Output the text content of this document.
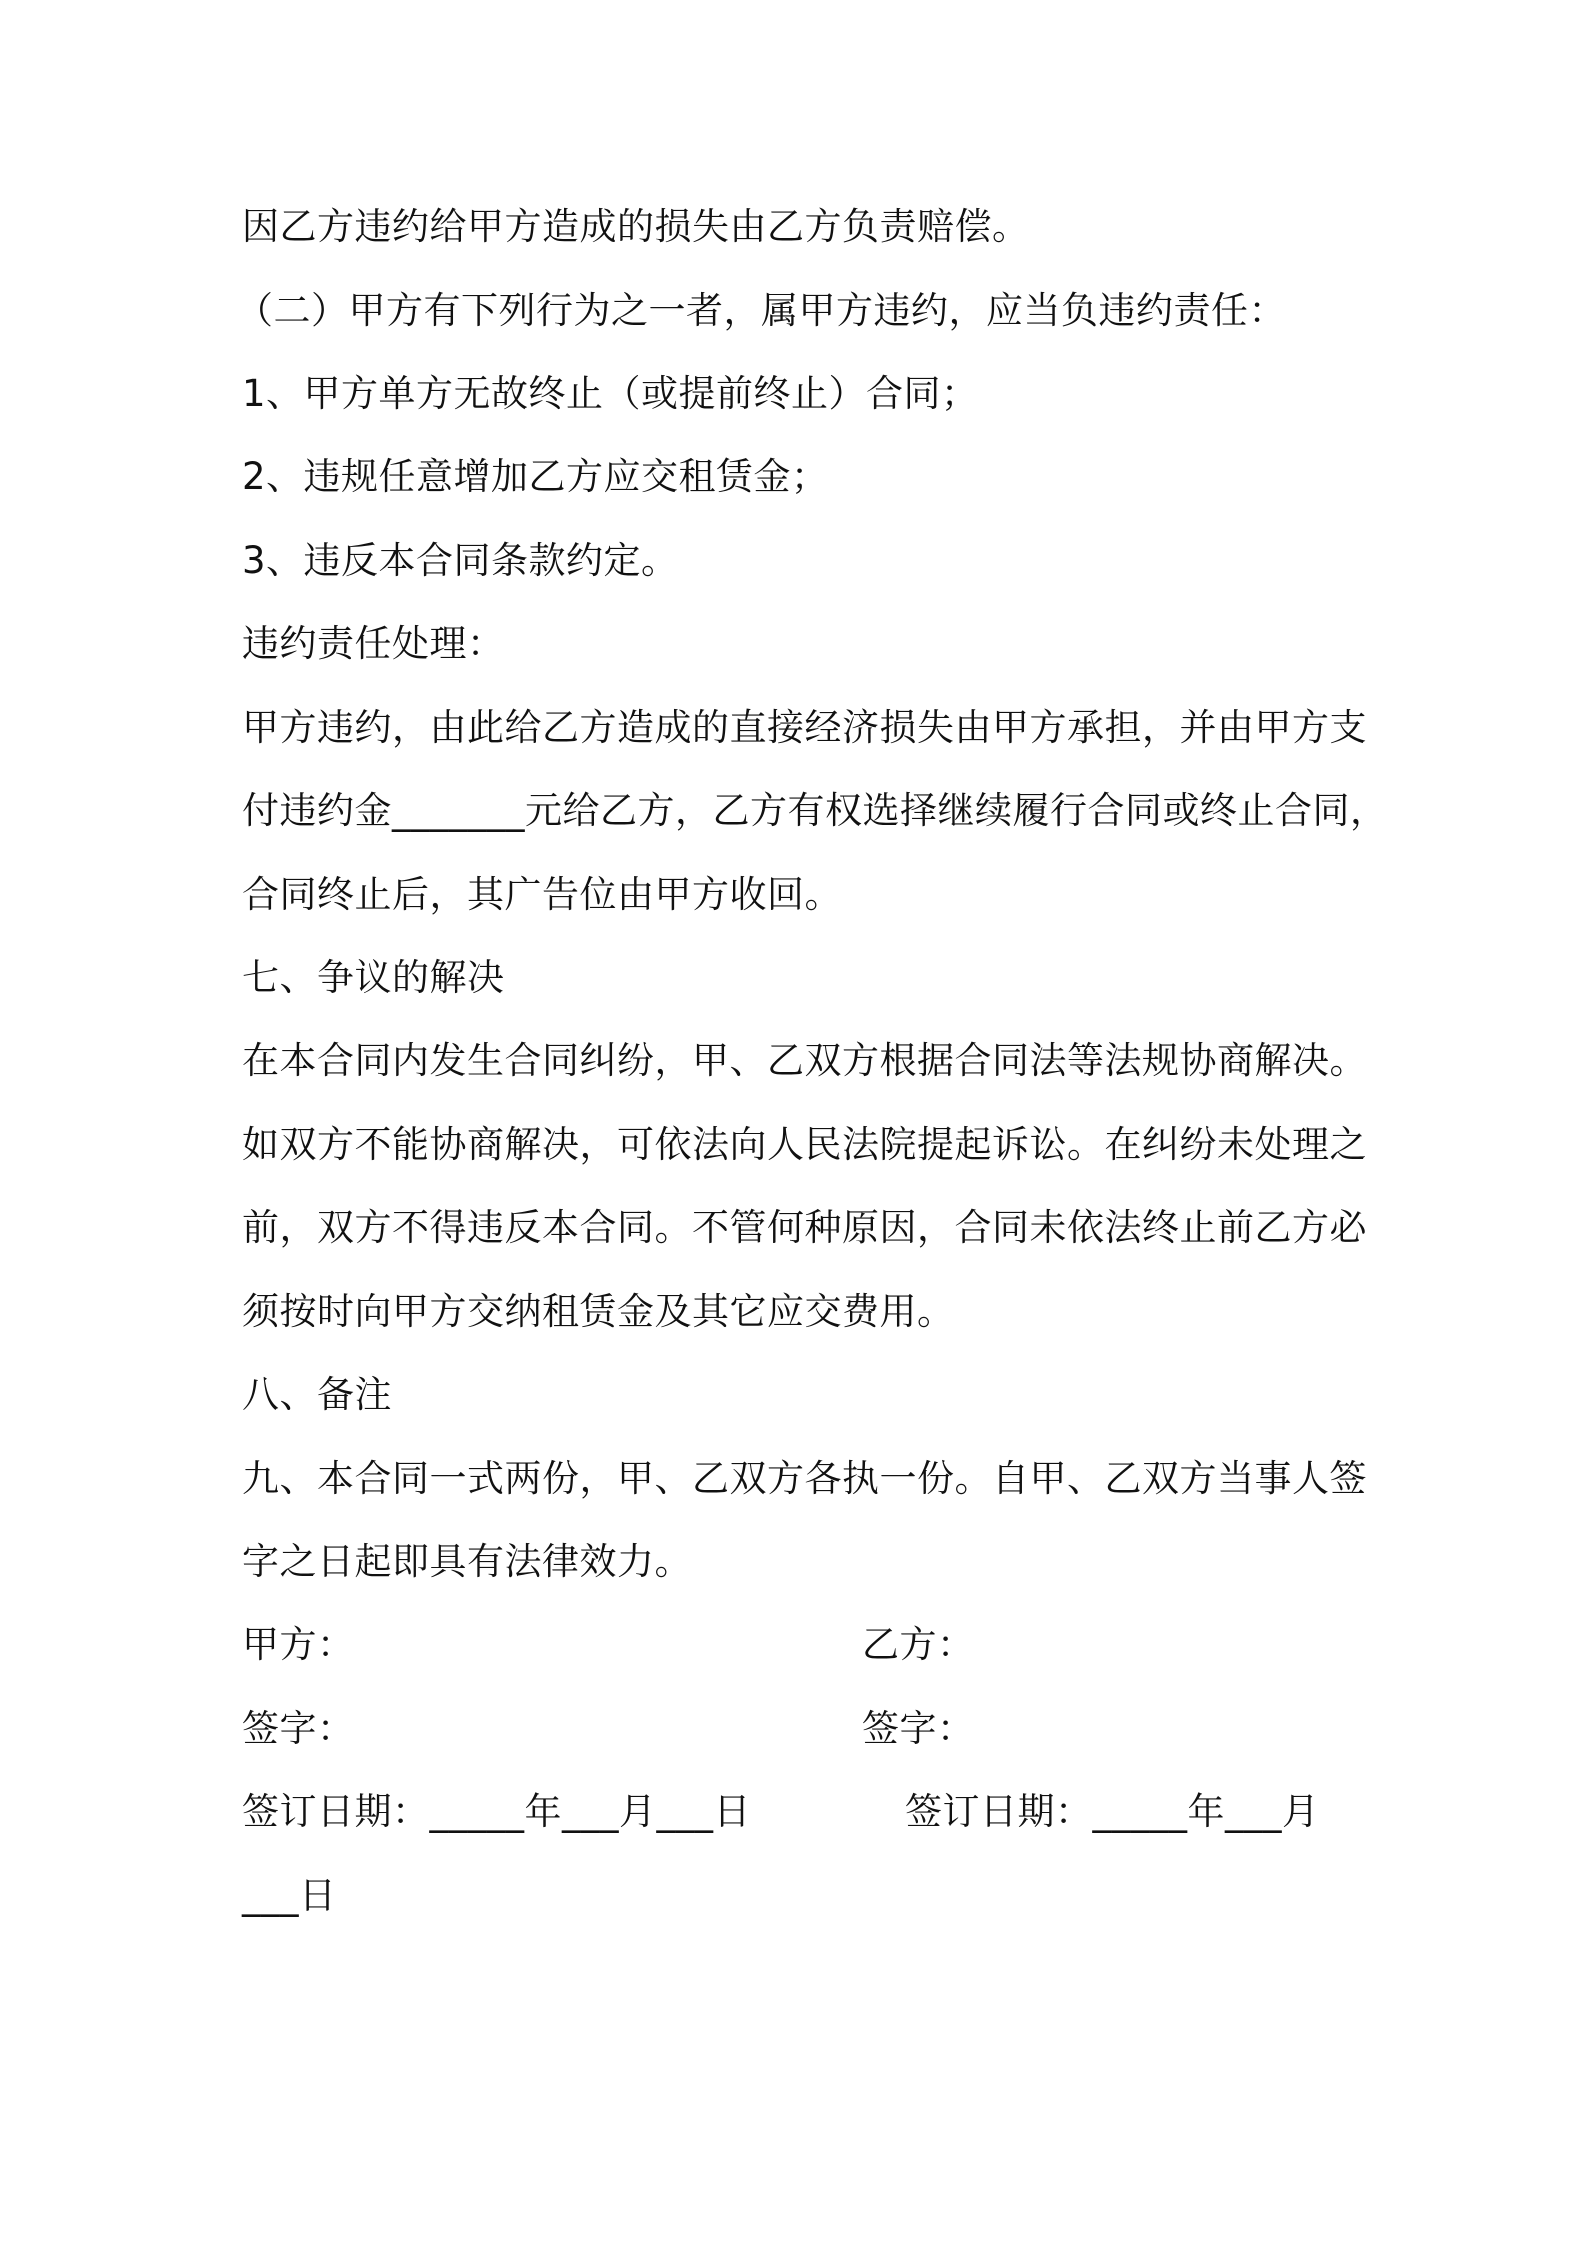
因乙方违约给甲方造成的损失由乙方负责赔偿。
（二）甲方有下列行为之一者，属甲方违约，应当负违约责任：
1、甲方单方无故终止（或提前终止）合同；
2、违规任意增加乙方应交租赁金；
3、违反本合同条款约定。
违约责任处理：
甲方违约，由此给乙方造成的直接经济损失由甲方承担，并由甲方支
付违约金_______元给乙方，乙方有权选择继续履行合同或终止合同，
合同终止后，其广告位由甲方收回。
七、争议的解决
在本合同内发生合同纠纷，甲、乙双方根据合同法等法规协商解决。
如双方不能协商解决，可依法向人民法院提起诉讼。在纠纷未处理之
前，双方不得违反本合同。不管何种原因，合同未依法终止前乙方必
须按时向甲方交纳租赁金及其它应交费用。
八、备注
九、本合同一式两份，甲、乙双方各执一份。自甲、乙双方当事人签
字之日起即具有法律效力。
甲方：	乙方：
签字：	签字：
签订日期：_____年___月___日	签订日期：_____年___月
___日
